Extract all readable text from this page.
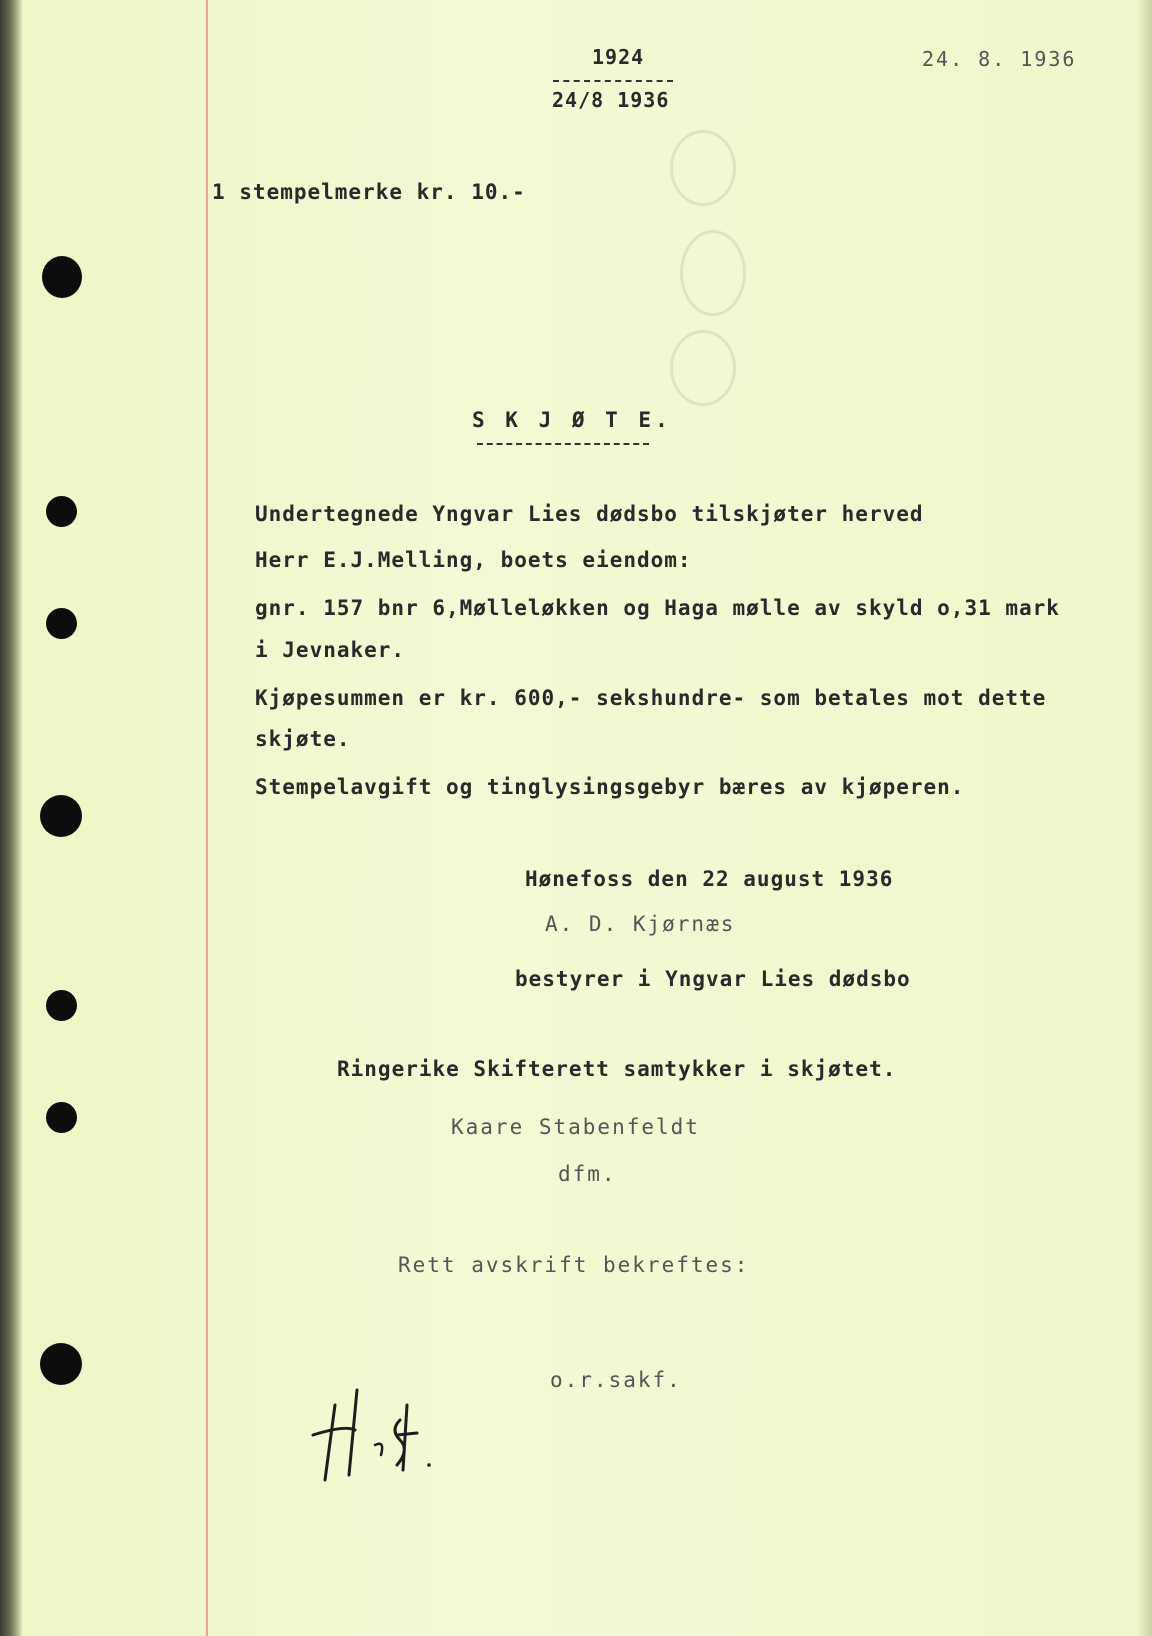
1924
24/8 1936
24. 8. 1936
1 stempelmerke kr. 10.-
S K J Ø T E.
Undertegnede Yngvar Lies dødsbo tilskjøter herved
Herr E.J.Melling, boets eiendom:
gnr. 157 bnr 6,Mølleløkken og Haga mølle av skyld o,31 mark
i Jevnaker.
Kjøpesummen er kr. 600,- sekshundre- som betales mot dette
skjøte.
Stempelavgift og tinglysingsgebyr bæres av kjøperen.
Hønefoss den 22 august 1936
A. D. Kjørnæs
bestyrer i Yngvar Lies dødsbo
Ringerike Skifterett samtykker i skjøtet.
Kaare Stabenfeldt
dfm.
Rett avskrift bekreftes:
o.r.sakf.
